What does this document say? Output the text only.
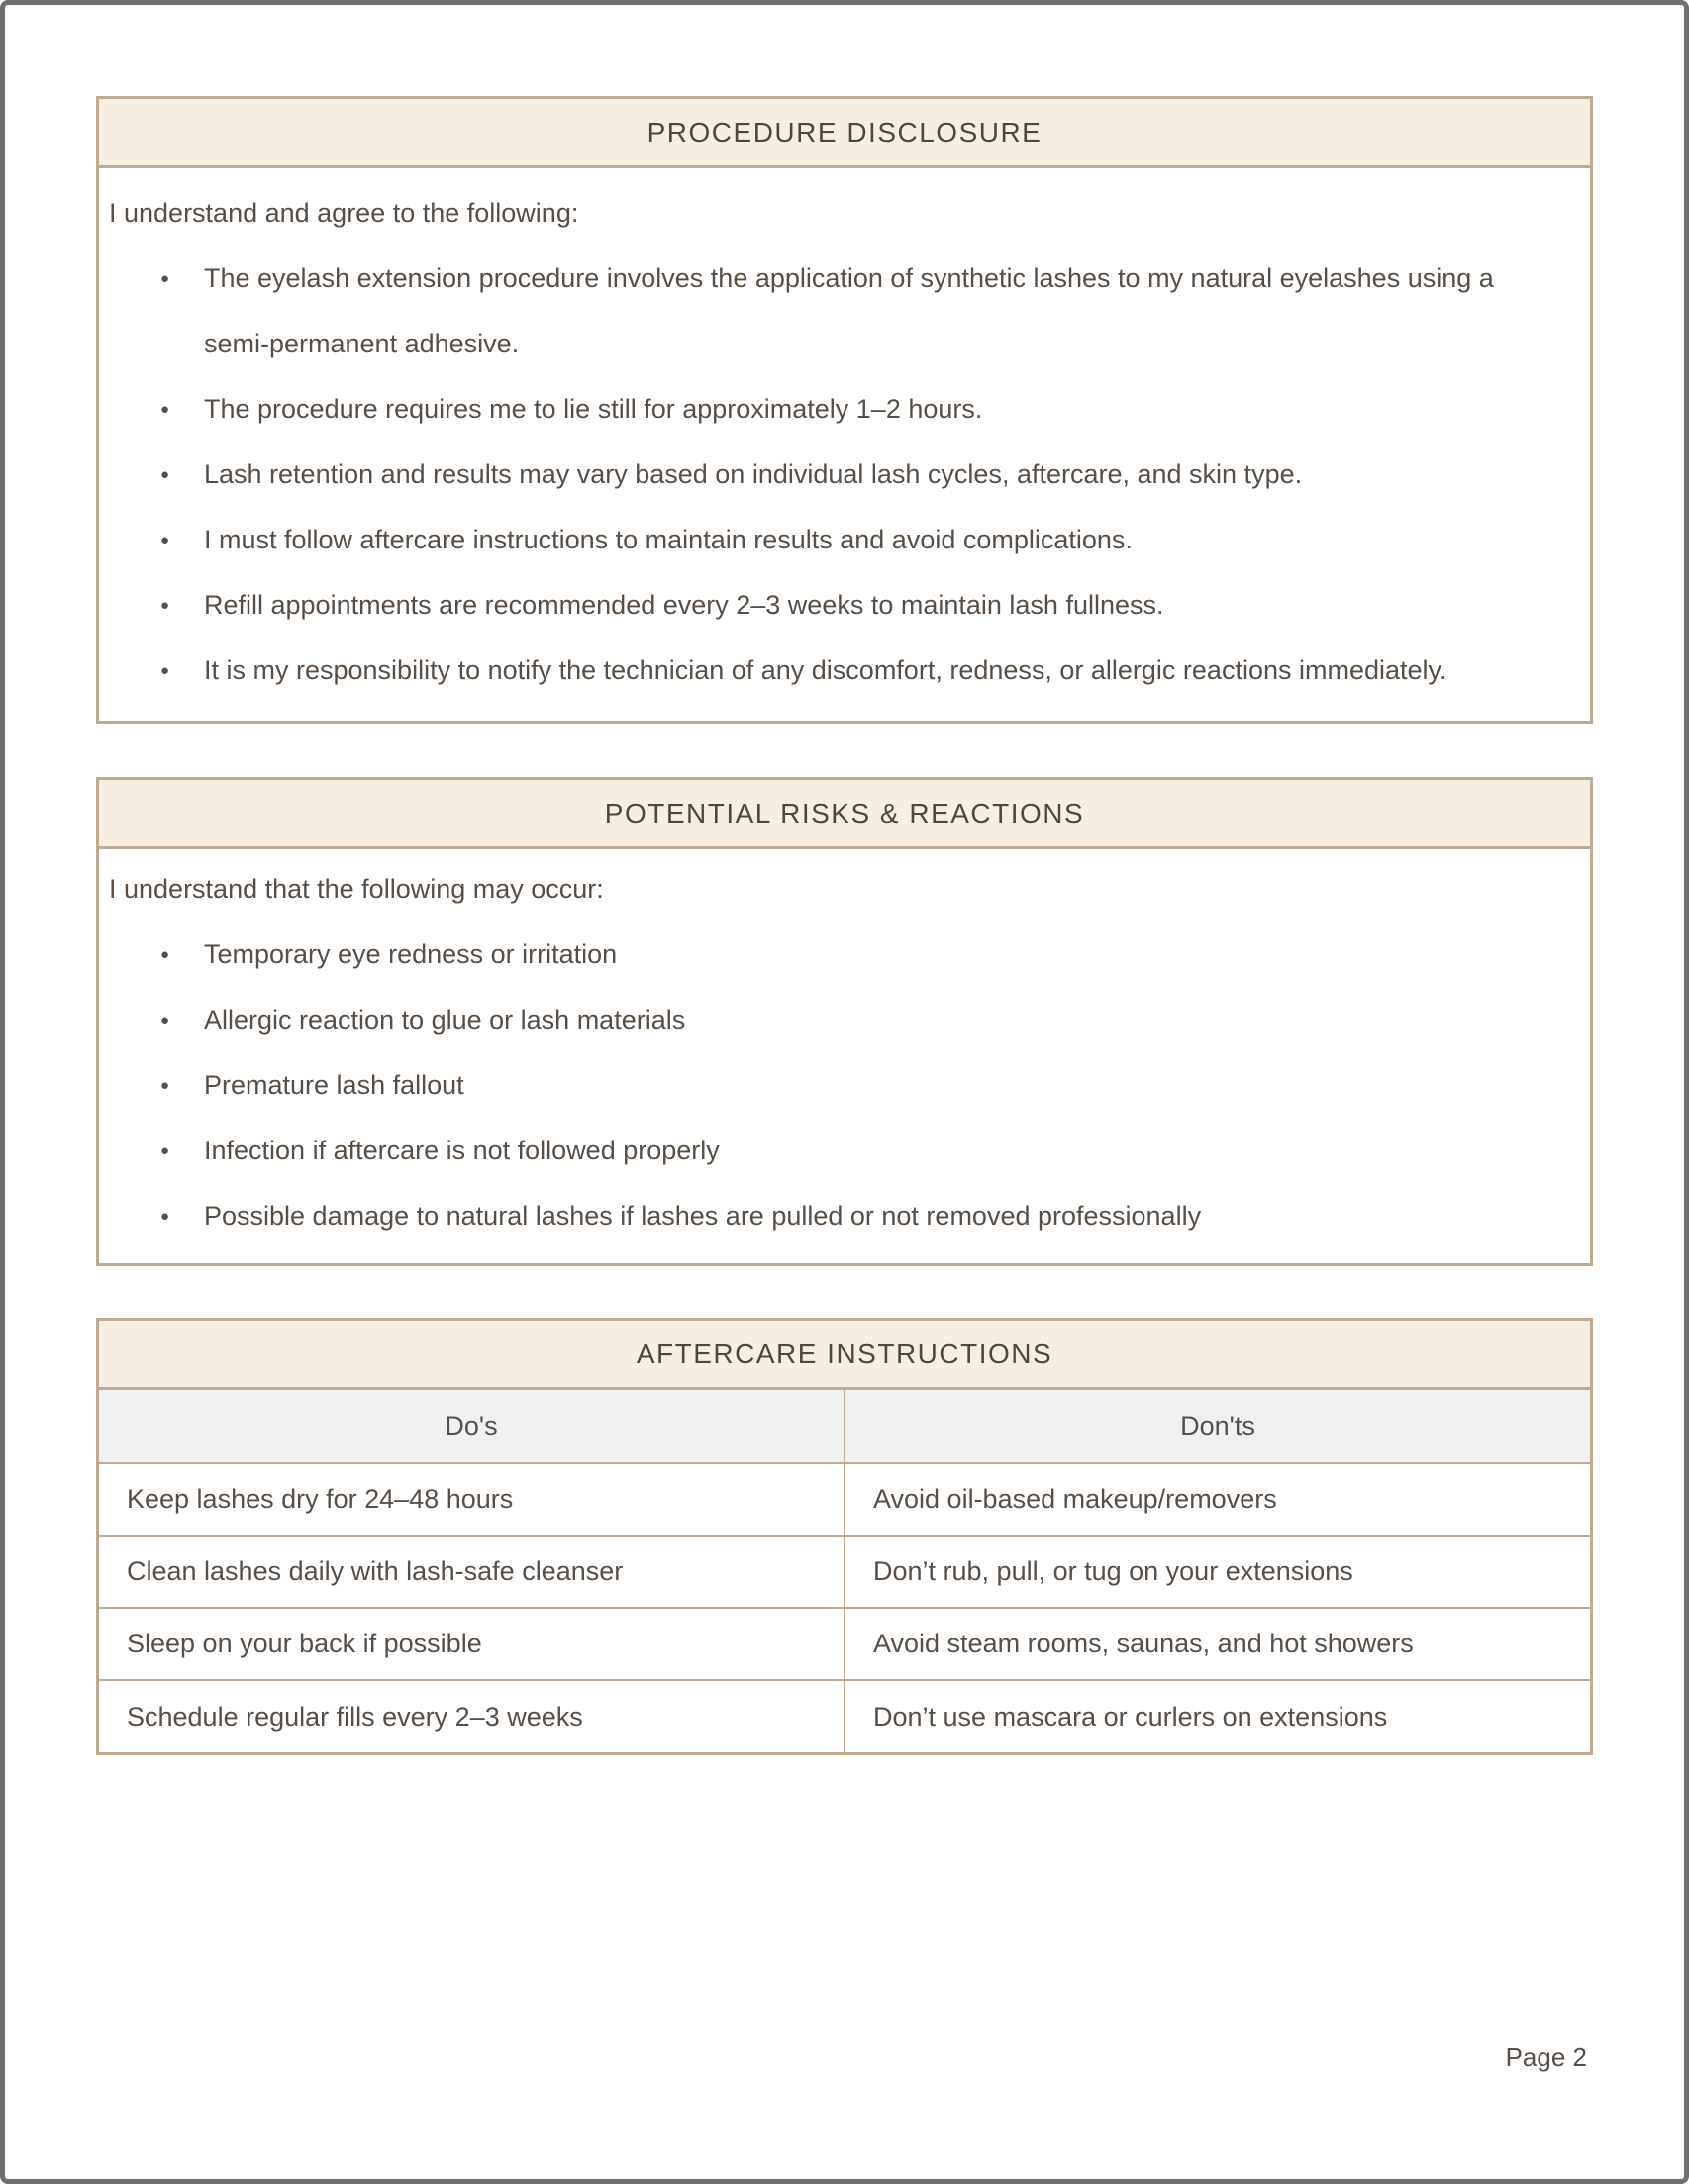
PROCEDURE DISCLOSURE

I understand and agree to the following:

● The eyelash extension procedure involves the application of synthetic lashes to my natural eyelashes using a semi-permanent adhesive.
● The procedure requires me to lie still for approximately 1–2 hours.
● Lash retention and results may vary based on individual lash cycles, aftercare, and skin type.
● I must follow aftercare instructions to maintain results and avoid complications.
● Refill appointments are recommended every 2–3 weeks to maintain lash fullness.
● It is my responsibility to notify the technician of any discomfort, redness, or allergic reactions immediately.
POTENTIAL RISKS & REACTIONS

I understand that the following may occur:

● Temporary eye redness or irritation
● Allergic reaction to glue or lash materials
● Premature lash fallout
● Infection if aftercare is not followed properly
● Possible damage to natural lashes if lashes are pulled or not removed professionally
AFTERCARE INSTRUCTIONS
Do's	Don'ts
Keep lashes dry for 24–48 hours	Avoid oil-based makeup/removers
Clean lashes daily with lash-safe cleanser	Don’t rub, pull, or tug on your extensions
Sleep on your back if possible	Avoid steam rooms, saunas, and hot showers
Schedule regular fills every 2–3 weeks	Don’t use mascara or curlers on extensions
Page 2
